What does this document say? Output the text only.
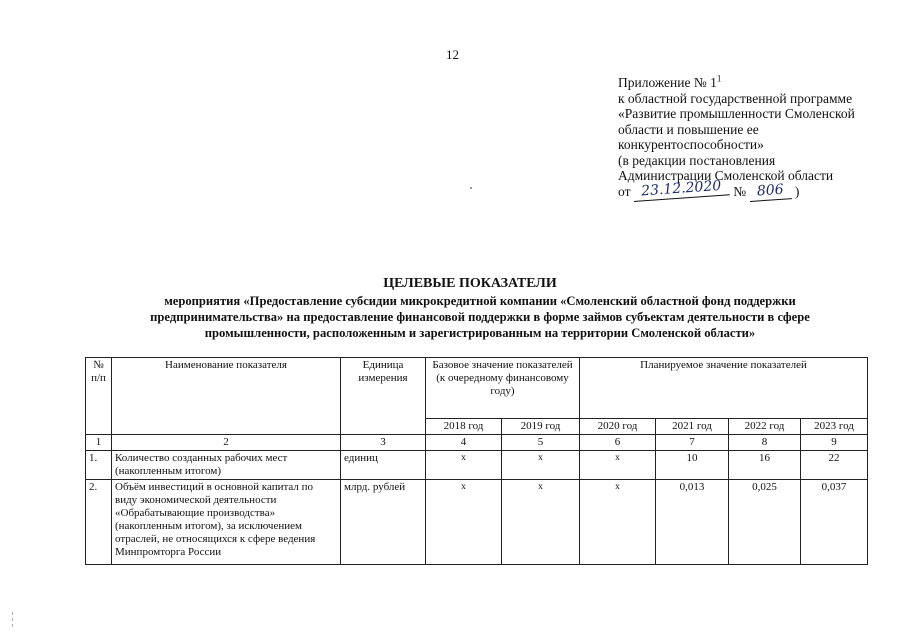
12
Приложение № $1^1$
к областной государственной программе
«Развитие промышленности Смоленской
области и повышение ее
конкурентоспособности»
(в редакции постановления
Администрации Смоленской области
от 23.12.2020 № 806 )
ЦЕЛЕВЫЕ ПОКАЗАТЕЛИ
мероприятия «Предоставление субсидии микрокредитной компании «Смоленский областной фонд поддержки
предпринимательства» на предоставление финансовой поддержки в форме займов субъектам деятельности в сфере
промышленности, расположенным и зарегистрированным на территории Смоленской области»
№ п/п	Наименование показателя	Единица измерения	Базовое значение показателей (к очередному финансовому году)		Планируемое значение показателей			
			2018 год	2019 год	2020 год	2021 год	2022 год	2023 год
1	2	3	4	5	6	7	8	9
1.	Количество созданных рабочих мест (накопленным итогом)	единиц	x	x	x	10	16	22
2.	Объём инвестиций в основной капитал по виду экономической деятельности «Обрабатывающие производства» (накопленным итогом), за исключением отраслей, не относящихся к сфере ведения Минпромторга России	млрд. рублей	x	x	x	0,013	0,025	0,037
